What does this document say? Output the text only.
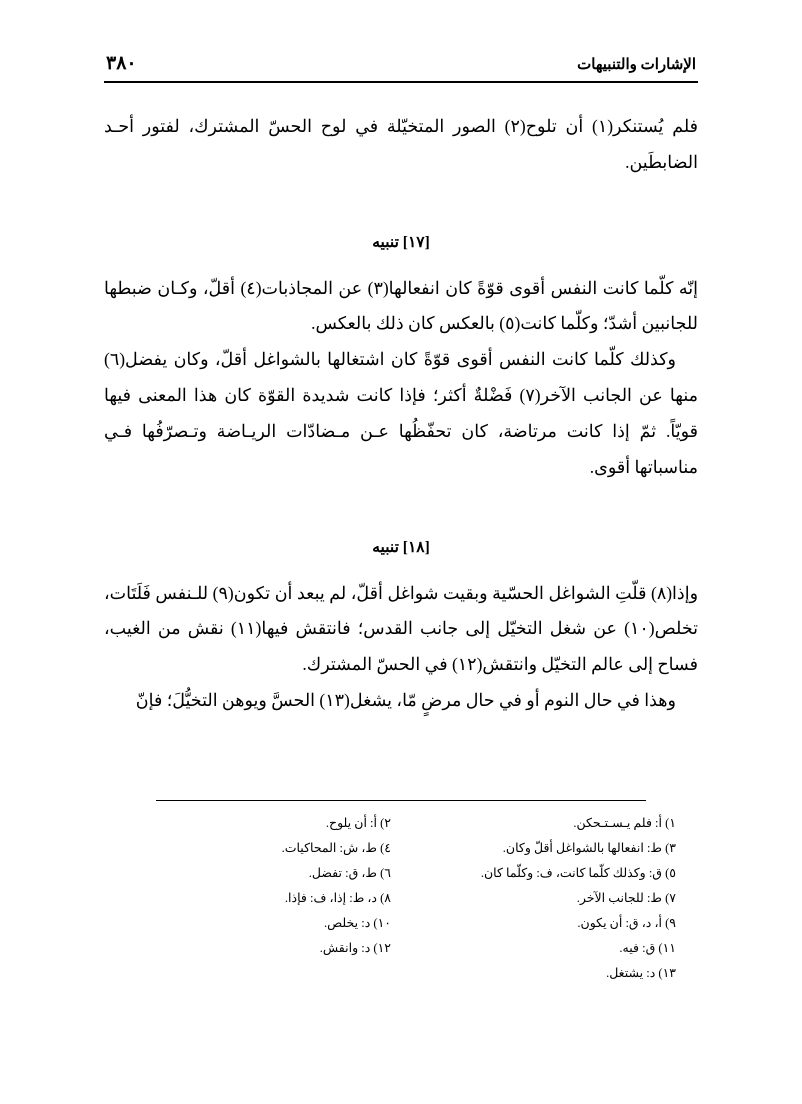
الإشارات والتنبيهات
٣٨٠

فلم يُستنكر(١) أن تلوح(٢) الصور المتخيّلة في لوح الحسّ المشترك، لفتور أحـد الضابطَين.

[١٧] تنبيه

إنّه كلّما كانت النفس أقوى قوّةً كان انفعالها(٣) عن المجاذبات(٤) أقلّ، وكـان ضبطها للجانبين أشدّ؛ وكلّما كانت(٥) بالعكس كان ذلك بالعكس.

وكذلك كلّما كانت النفس أقوى قوّةً كان اشتغالها بالشواغل أقلّ، وكان يفضل(٦) منها عن الجانب الآخر(٧) فَضْلةٌ أكثر؛ فإذا كانت شديدة القوّة كان هذا المعنى فيها قويّاً. ثمّ إذا كانت مرتاضة، كان تحفّظُها عـن مـضادّات الريـاضة وتـصرّفُها فـي مناسباتها أقوى.

[١٨] تنبيه

وإذا(٨) قلّتِ الشواغل الحسّية وبقيت شواغل أقلّ، لم يبعد أن تكون(٩) للـنفس فَلَتَات، تخلص(١٠) عن شغل التخيّل إلى جانب القدس؛ فانتقش فيها(١١) نقش من الغيب، فساح إلى عالم التخيّل وانتقش(١٢) في الحسّ المشترك.

وهذا في حال النوم أو في حال مرضٍ مّا، يشغل(١٣) الحسَّ ويوهن التخيُّلَ؛ فإنّ

١) أ: فلم يـسـتـحكن.
٢) أ: أن يلوح.
٣) ط: انفعالها بالشواغل أقلّ وكان.
٤) ط، ش: المحاكيات.
٥) ق: وكذلك كلّما كانت، ف: وكلّما كان.
٦) ط، ق: تفضل.
٧) ط: للجانب الآخر.
٨) د، ط: إذا، ف: فإذا.
٩) أ، د، ق: أن يكون.
١٠) د: يخلص.
١١) ق: فيه.
١٢) د: وانقش.
١٣) د: يشتغل.
